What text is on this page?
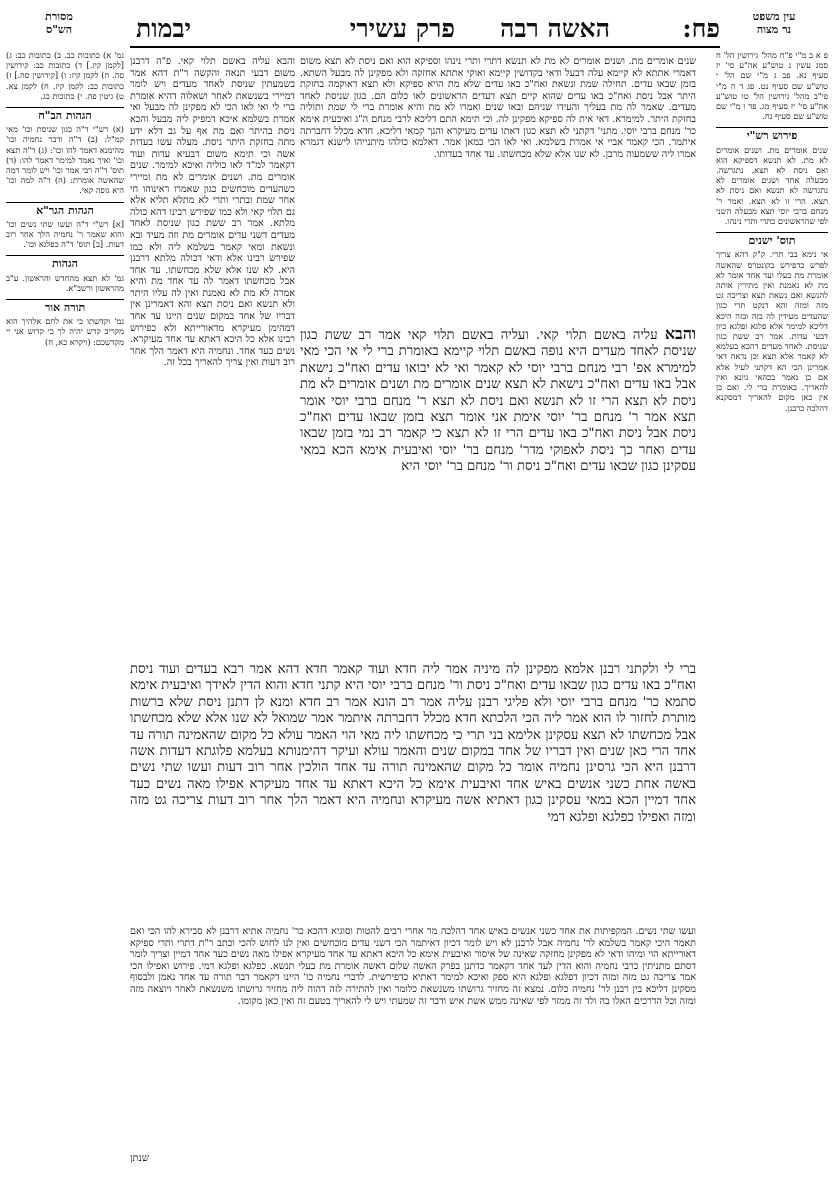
פח:
האשה רבה
פרק עשירי
יבמות	עין משפט
נר מצוה
מסורת
הש"ס

שנים אומרים מת. ושנים אומרים לא מת לא תנשא דתרי ותרי נינהו וספיקא הוא ואם ניסת לא תצא משום דאמרי אתתא לא קיימא עלה דבעל ודאי בקדושין קיימא ואוקי אתתא אחזקה ולא מפקינן לה מבעל השתא. בזמן שבאו עדים. תחילה שמת ונשאת ואח"כ באו עדים שלא מת הויא ספיקא ולא תצא דאוקמה בחזקת היתר אבל ניסת ואח"כ באו עדים שהוא קיים תצא דעדים הראשונים לאו כלום הם. כגון שניסת לאחד מעדים. שאמר לה מת בעליך והעידו שניהם ובאו שנים ואמרו לא מת והיא אומרת ברי לי שמת ותוליה בחזקת היתר. למימרא. דאי אית לה ספיקא מפקינן לה. וכי תימא התם דליכא לרבי מנחם ה"ג ואיבעית אימא כר' מנחם ברבי יוסי. מתני' דקתני לא תצא כגון דאתו עדים מעיקרא והנך קמאי דליכא. חדא מכלל דחברתה איתמר. הכי קאמר אביי אי אמרת בשלמא. ואי לאו הכי כמאן אמר. דאלמא כולהו מיתנייהו לישנא דגמרא אמרו ליה ששמעוה מרבן. לא שנו אלא שלא מכחשתו. עד אחד בעדותו.

והבא עליה באשם תלוי קאי. פ"ה דרבנן משום דבעי תנאה והקשה ר"ת דהא אמר בשמעתין שניסת לאחד מעדים ויש לומר דמיירי בשנשאת לאחר ושאלוה דהיא אומרת ברי לי ואי לאו הכי לא מפקינן לה מבעל ואי אמרת בשלמא איכא דמפיק ליה מבעל והכא ניסת בהיתר ואם מת אף על גב דלא ידע מתה בחזקת היתר ניסת. מעלה עשו בעדות אשה וכי תימא משום דבעיא עדות ועוד דקאמר למ"ד לאו כוליה ואיכא למימר. שנים אומרים מת. ושנים אומרים לא מת ומיירי כשהעדים מוכחשים כגון שאמרו ראינוהו חי אחר שמת ובתרי ותרי לא מתלא תליא אלא גם תלוי קאי ולא כמו שפירש רבינו דהא כולה מלתא. אמר רב ששת כגון שניסת לאחד מעדים דשני עדים אומרים מת וזה מעיד ובא ונשאת ומאי קאמר בשלמא ליה ולא כמו שפירש רבינו אלא ודאי דכולה מלתא דרבנן היא. לא שנו אלא שלא מכחשתו. עד אחד אבל מכחשתו דאמר לה עד אחד מת והיא אמרה לא מת לא נאמנת ואין לה עליו היתר ולא תנשא ואם ניסת תצא והא דאמרינן אין דבריו של אחד במקום שנים היינו עד אחד דמהימן מעיקרא מדאורייתא ולא כפירוש רבינו אלא כל היכא דאתא עד אחד מעיקרא. נשים כעד אחד. ונחמיה היא דאמר הלך אחר רוב דעות ואין צריך להאריך בכל זה.

והבא עליה באשם תלוי קאי. ועליה באשם תלוי קאי אמר רב ששת כגון שניסת לאחד מעדים היא נופה באשם תלוי קיימא באומרת ברי לי אי הכי מאי למימרא אפ' רבי מנחם ברבי יוסי לא קאמר ואי לא יבואו עדים ואח"כ נישאת אבל באו עדים ואח"כ נישאת לא תצא שנים אומרים מת ושנים אומרים לא מת ניסת לא תצא הרי זו לא תנשא ואם ניסת לא תצא ר' מנחם ברבי יוסי אומר תצא אמר ר' מנחם בר' יוסי אימת אני אומר תצא בזמן שבאו עדים ואח"כ ניסת אבל ניסת ואח"כ באו עדים הרי זו לא תצא כי קאמר רב נמי בזמן שבאו עדים ואחר כך ניסת לאפוקי מדר' מנחם בר' יוסי ואיבעית אימא הכא במאי עסקינן כגון שבאו עדים ואח"כ ניסת ור' מנחם בר' יוסי היא

ברי לי ולקתני רבנן אלמא מפקינן לה מיניה אמר ליה חדא ועוד קאמר חדא דהא אמר רבא בעדים ועוד ניסת ואח"כ באו עדים כגון שבאו עדים ואח"כ ניסת ור' מנחם ברבי יוסי היא קתני חדא והוא הדין לאידך ואיבעית אימא סתמא כר' מנחם ברבי יוסי ולא פליגי רבנן עליה אמר רב הונא אמר רב חדא ומנא לן דתנן ניסת שלא ברשות מותרת לחזור לו הוא אמר ליה הכי הלכתא חדא מכלל דחברתה איתמר אמר שמואל לא שנו אלא שלא מכחשתו אבל מכחשתו לא תצא עסקינן אלימא בני תרי כי מכחשתו ליה מאי הוי האמר עולא כל מקום שהאמינה תורה עד אחד הרי כאן שנים ואין דבריו של אחד במקום שנים והאמר עולא ועיקר דהימנותא בעלמא פלוגתא דעדות אשה דרבנן היא הכי גרסינן נחמיה אומר כל מקום שהאמינה תורה עד אחד הולכין אחר רוב דעות ועשו שתי נשים באשה אחת כשני אנשים באיש אחד ואיבעית אימא כל היכא דאתא עד אחד מעיקרא אפילו מאה נשים כעד אחד דמיין הכא במאי עסקינן כגון דאתיא אשה מעיקרא ונחמיה היא דאמר הלך אחר רוב דעות צריכה גט מזה ומזה ואפילו כפלגא ופלגא דמי

ועשו שתי נשים. המקפיתות את אחד כשני אנשים באיש אחד דהלכה מר אחרי רבים להטות וסוגיא דהכא כר' נחמיה אתיא דרבנן לא סבירא להו הכי ואם תאמר היכי קאמר בשלמא לר' נחמיה אבל לרבנן לא ויש לומר דכיון דאיתמר הכי דשני עדים מוכחשים ואין לנו לחוש להכי וכתב ר"ת דתרי ותרי ספיקא דאורייתא הוי ומיהו ודאי לא מפקינן מחזקה שאינה של איסור ואיבעית אימא כל היכא דאתא עד אחד מעיקרא אפילו מאה נשים כעד אחד דמיין וצריך לומר דסתם מתניתין כרבי נחמיה והוא הדין לעד אחד דקאמר כדתנן בפרק האשה שלום דאשה אומרת מת בעלי תנשא. כפלגא ופלגא דמי. פירוש ואפילו הכי אמר צריכה גט מזה ומזה דכיון דפלגא ופלגא היא ספק ואיכא למימר דאתיא כדפירשית. לדברי נחמיה כו' היינו דקאמר דבר תורה עד אחד נאמן ולבסוף מסקינן דליכא בין רבנן לר' נחמיה כלום. נמצא זה מחזיר גרושתו משנשאת כלומר ואין להתירה לזה דהוה ליה מחזיר גרושתו משנשאת לאחר ויוצאה מזה ומזה וכל הדרכים האלו בה ולד זה ממזר לפי שאינה ממש אשת איש ודבר זה שמעתי ויש לי להאריך בטעם זה ואין כאן מקומו.

שנתן

פ א ב מ"י פ"ח מהל' גירושין הל' ח סמג עשין נ טוש"ע אה"ע סי' יז סעיף נא. פב ג מ"י שם הל' י טוש"ע שם סעיף נט. פג ד ה מ"י פי"ב מהל' גירושין הל' טו טוש"ע אה"ע סי' יז סעיף מג. פד ו מ"י שם טוש"ע שם סעיף נח.

פירוש רש"י

שנים אומרים מת. ושנים אומרים לא מת. לא תנשא דספיקא הוא ואם ניסת לא תצא. נתגרשה. מבעלה אחד ושנים אומרים לא נתגרשה לא תנשא ואם ניסת לא תצא. הרי זו לא תצא. ואמר ר' מנחם ברבי יוסי תצא מבעלה השני לפי שהראשונים כתרי ותרי נינהו.

תוס' ישנים

אי נימא בבי תרי. ק"ק דהא צריך לפרש כדפירש בקונטרס שהאשה אומרת מת בעלי ועד אחד אומר לא מת לא נאמנת ואין מתירין אותה להנשא ואם נשאת תצא וצריכה גט מזה ומזה והא דנקט תרי כגון שהעדים מעידין לה בזה ובזה היכא דליכא למימר אלא פלגא ופלגא כיון דבעי עדות. אמר רב ששת כגון שניסת. לאחד מעדים דהכא בעלמא לא קאמר אלא תצא וכן נראה דאי אמרינן הכי הא דקתני לעיל אלא אם כן נאמר בכהאי גוונא ואין להאריך. באומרת ברי לי. ואם כן אין כאן מקום להאריך דמסקנא דהלכה כרבנן.

גמ' א) כתובות כב. ב) כתובות כב: ג) [לקמן קיז.] ד) כתובות כב: קידושין סה. ה) לקמן קיז: ו) [קידושין סה.] ז) כתובות כב: לקמן קיז. ח) לקמן צא. ט) גיטין פה. י) כתובות כג.

הגהות הב"ח

(א) רש"י ד"ה כגון שניסת וכו' מאי קמ"ל: (ב) ד"ה ודבר נחמיה וכו' מהימנא דאמר להו וכו': (ג) ד"ה תצא וכו' ואיך נאמר למימר דאמר להו: (ד) תוס' ד"ה רבי אמר וכו' ויש לומר דמה שהאשה אומרת: (ה) ד"ה למה וכו' היא גופה קאי.

הגהות הגר"א

[א] רש"י ד"ה ועשו שתי נשים וכו' והוא שאמר ר' נחמיה הלך אחר רוב דעות. [ב] תוס' ד"ה כפלגא וכו'.

הגהות

גמ' לא תצא מהחדש והראשון. ע"ב מהראשון ורשב"א.

תורה אור

גמ' וקדשתו כי את לחם אלהיך הוא מקריב קדש יהיה לך כי קדוש אני יי מקדשכם: (ויקרא כא, ח)
